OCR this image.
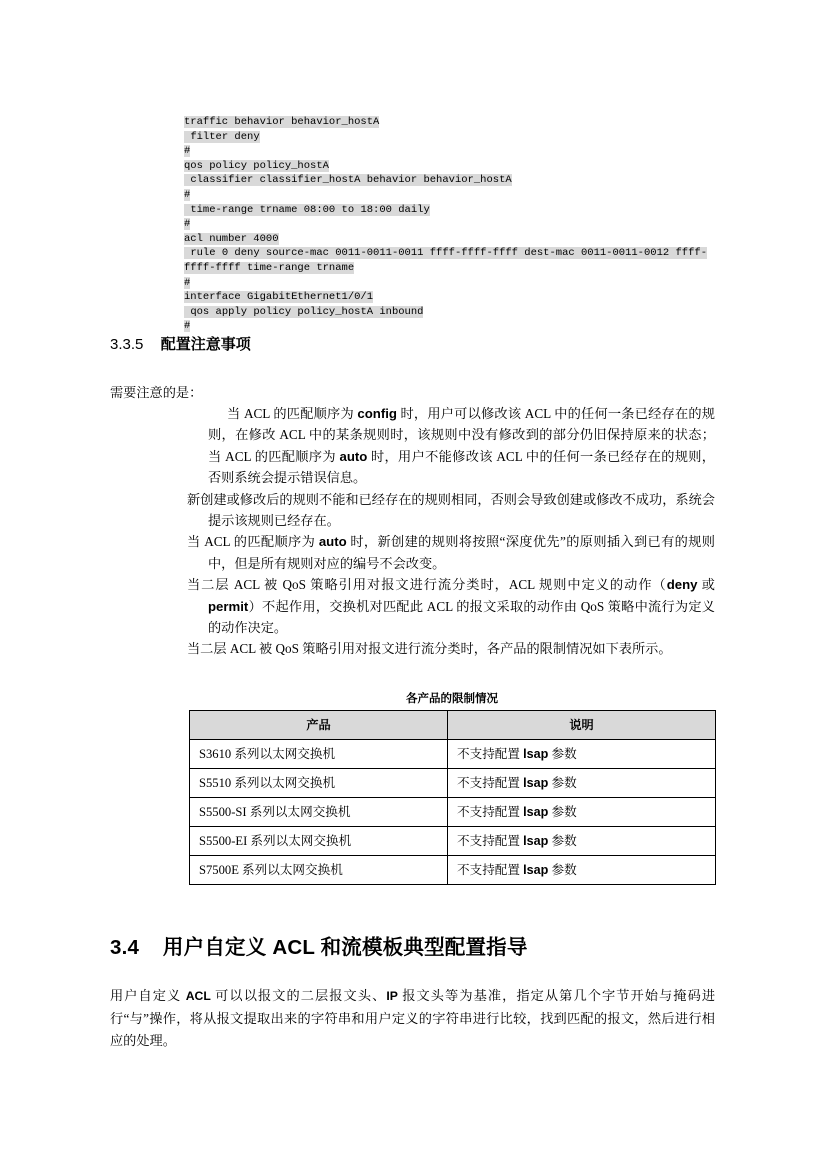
traffic behavior behavior_hostA
filter deny
#
qos policy policy_hostA
classifier classifier_hostA behavior behavior_hostA
#
time-range trname 08:00 to 18:00 daily
#
acl number 4000
rule 0 deny source-mac 0011-0011-0011 ffff-ffff-ffff dest-mac 0011-0011-0012 ffff-ffff-ffff time-range trname
#
interface GigabitEthernet1/0/1
qos apply policy policy_hostA inbound
#
3.3.5 配置注意事项
需要注意的是：

当 ACL 的匹配顺序为 config 时，用户可以修改该 ACL 中的任何一条已经存在的规则，在修改 ACL 中的某条规则时，该规则中没有修改到的部分仍旧保持原来的状态；当 ACL 的匹配顺序为 auto 时，用户不能修改该 ACL 中的任何一条已经存在的规则，否则系统会提示错误信息。

新创建或修改后的规则不能和已经存在的规则相同，否则会导致创建或修改不成功，系统会提示该规则已经存在。

当 ACL 的匹配顺序为 auto 时，新创建的规则将按照“深度优先”的原则插入到已有的规则中，但是所有规则对应的编号不会改变。

当二层 ACL 被 QoS 策略引用对报文进行流分类时，ACL 规则中定义的动作（deny 或 permit）不起作用，交换机对匹配此 ACL 的报文采取的动作由 QoS 策略中流行为定义的动作决定。

当二层 ACL 被 QoS 策略引用对报文进行流分类时，各产品的限制情况如下表所示。

各产品的限制情况
产品	说明
S3610 系列以太网交换机	不支持配置 lsap 参数
S5510 系列以太网交换机	不支持配置 lsap 参数
S5500-SI 系列以太网交换机	不支持配置 lsap 参数
S5500-EI 系列以太网交换机	不支持配置 lsap 参数
S7500E 系列以太网交换机	不支持配置 lsap 参数
3.4 用户自定义 ACL 和流模板典型配置指导
用户自定义 ACL 可以以报文的二层报文头、IP 报文头等为基准，指定从第几个字节开始与掩码进行“与”操作，将从报文提取出来的字符串和用户定义的字符串进行比较，找到匹配的报文，然后进行相应的处理。
